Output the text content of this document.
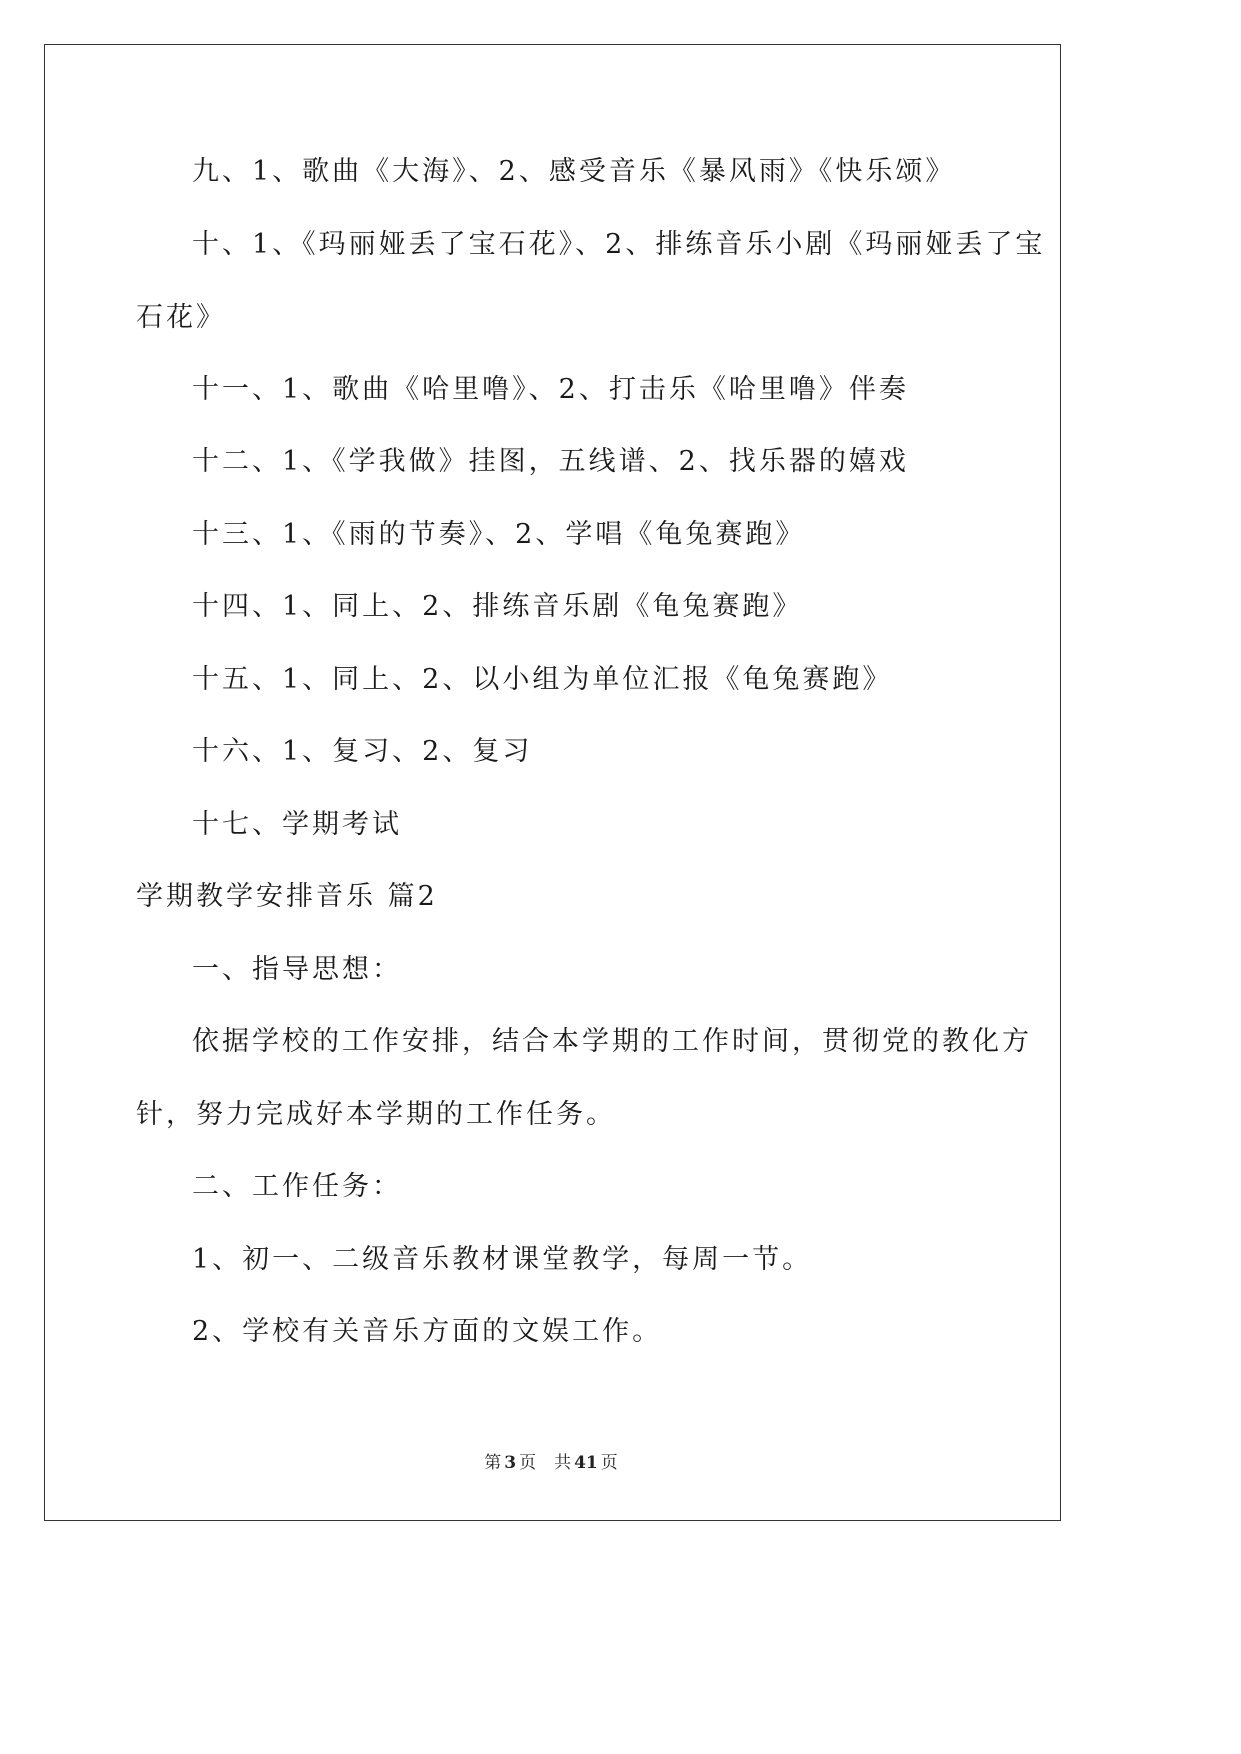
九、1、歌曲《大海》、2、感受音乐《暴风雨》《快乐颂》
十、1、《玛丽娅丢了宝石花》、2、排练音乐小剧《玛丽娅丢了宝
石花》
十一、1、歌曲《哈里噜》、2、打击乐《哈里噜》伴奏
十二、1、《学我做》挂图，五线谱、2、找乐器的嬉戏
十三、1、《雨的节奏》、2、学唱《龟兔赛跑》
十四、1、同上、2、排练音乐剧《龟兔赛跑》
十五、1、同上、2、以小组为单位汇报《龟兔赛跑》
十六、1、复习、2、复习
十七、学期考试
学期教学安排音乐 篇2
一、指导思想：
依据学校的工作安排，结合本学期的工作时间，贯彻党的教化方
针，努力完成好本学期的工作任务。
二、工作任务：
1、初一、二级音乐教材课堂教学，每周一节。
2、学校有关音乐方面的文娱工作。
第 3 页 共 41 页
